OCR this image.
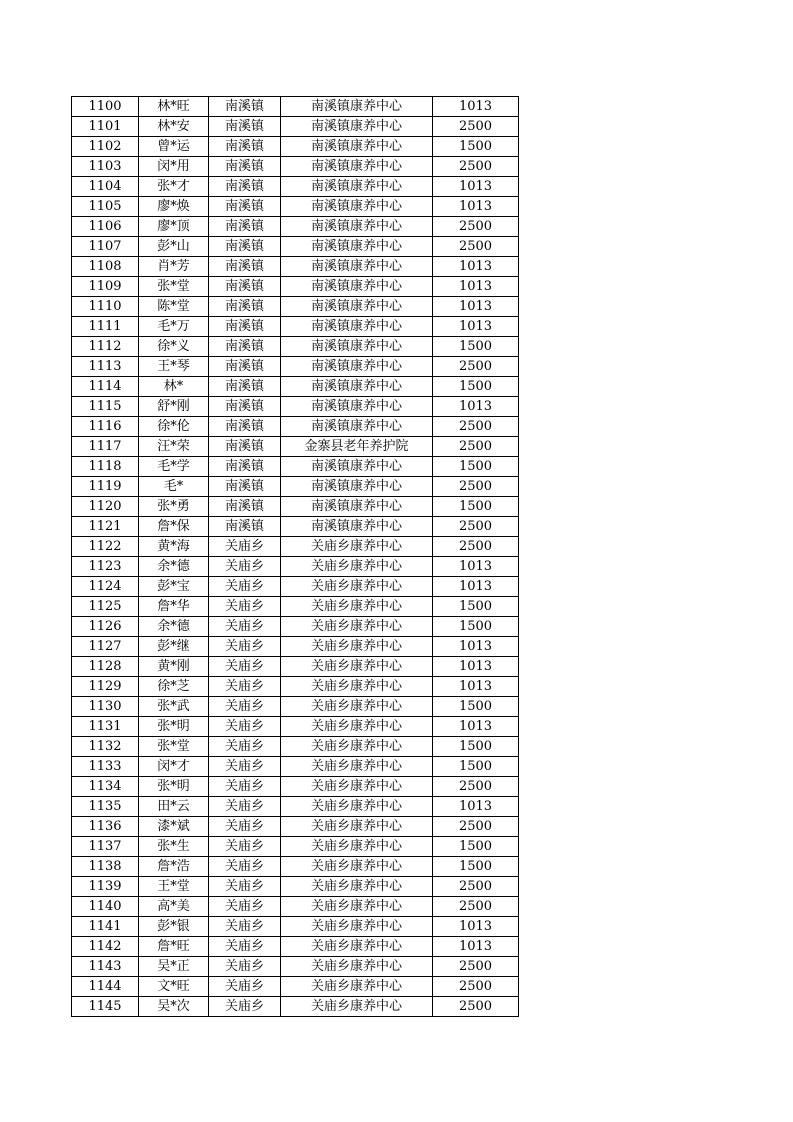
1100	林*旺	南溪镇	南溪镇康养中心	1013
1101	林*安	南溪镇	南溪镇康养中心	2500
1102	曾*运	南溪镇	南溪镇康养中心	1500
1103	闵*用	南溪镇	南溪镇康养中心	2500
1104	张*才	南溪镇	南溪镇康养中心	1013
1105	廖*焕	南溪镇	南溪镇康养中心	1013
1106	廖*顶	南溪镇	南溪镇康养中心	2500
1107	彭*山	南溪镇	南溪镇康养中心	2500
1108	肖*芳	南溪镇	南溪镇康养中心	1013
1109	张*堂	南溪镇	南溪镇康养中心	1013
1110	陈*堂	南溪镇	南溪镇康养中心	1013
1111	毛*万	南溪镇	南溪镇康养中心	1013
1112	徐*义	南溪镇	南溪镇康养中心	1500
1113	王*琴	南溪镇	南溪镇康养中心	2500
1114	林*	南溪镇	南溪镇康养中心	1500
1115	舒*刚	南溪镇	南溪镇康养中心	1013
1116	徐*伦	南溪镇	南溪镇康养中心	2500
1117	汪*荣	南溪镇	金寨县老年养护院	2500
1118	毛*学	南溪镇	南溪镇康养中心	1500
1119	毛*	南溪镇	南溪镇康养中心	2500
1120	张*勇	南溪镇	南溪镇康养中心	1500
1121	詹*保	南溪镇	南溪镇康养中心	2500
1122	黄*海	关庙乡	关庙乡康养中心	2500
1123	余*德	关庙乡	关庙乡康养中心	1013
1124	彭*宝	关庙乡	关庙乡康养中心	1013
1125	詹*华	关庙乡	关庙乡康养中心	1500
1126	余*德	关庙乡	关庙乡康养中心	1500
1127	彭*继	关庙乡	关庙乡康养中心	1013
1128	黄*刚	关庙乡	关庙乡康养中心	1013
1129	徐*芝	关庙乡	关庙乡康养中心	1013
1130	张*武	关庙乡	关庙乡康养中心	1500
1131	张*明	关庙乡	关庙乡康养中心	1013
1132	张*堂	关庙乡	关庙乡康养中心	1500
1133	闵*才	关庙乡	关庙乡康养中心	1500
1134	张*明	关庙乡	关庙乡康养中心	2500
1135	田*云	关庙乡	关庙乡康养中心	1013
1136	漆*斌	关庙乡	关庙乡康养中心	2500
1137	张*生	关庙乡	关庙乡康养中心	1500
1138	詹*浩	关庙乡	关庙乡康养中心	1500
1139	王*堂	关庙乡	关庙乡康养中心	2500
1140	高*美	关庙乡	关庙乡康养中心	2500
1141	彭*银	关庙乡	关庙乡康养中心	1013
1142	詹*旺	关庙乡	关庙乡康养中心	1013
1143	吴*正	关庙乡	关庙乡康养中心	2500
1144	文*旺	关庙乡	关庙乡康养中心	2500
1145	吴*次	关庙乡	关庙乡康养中心	2500
